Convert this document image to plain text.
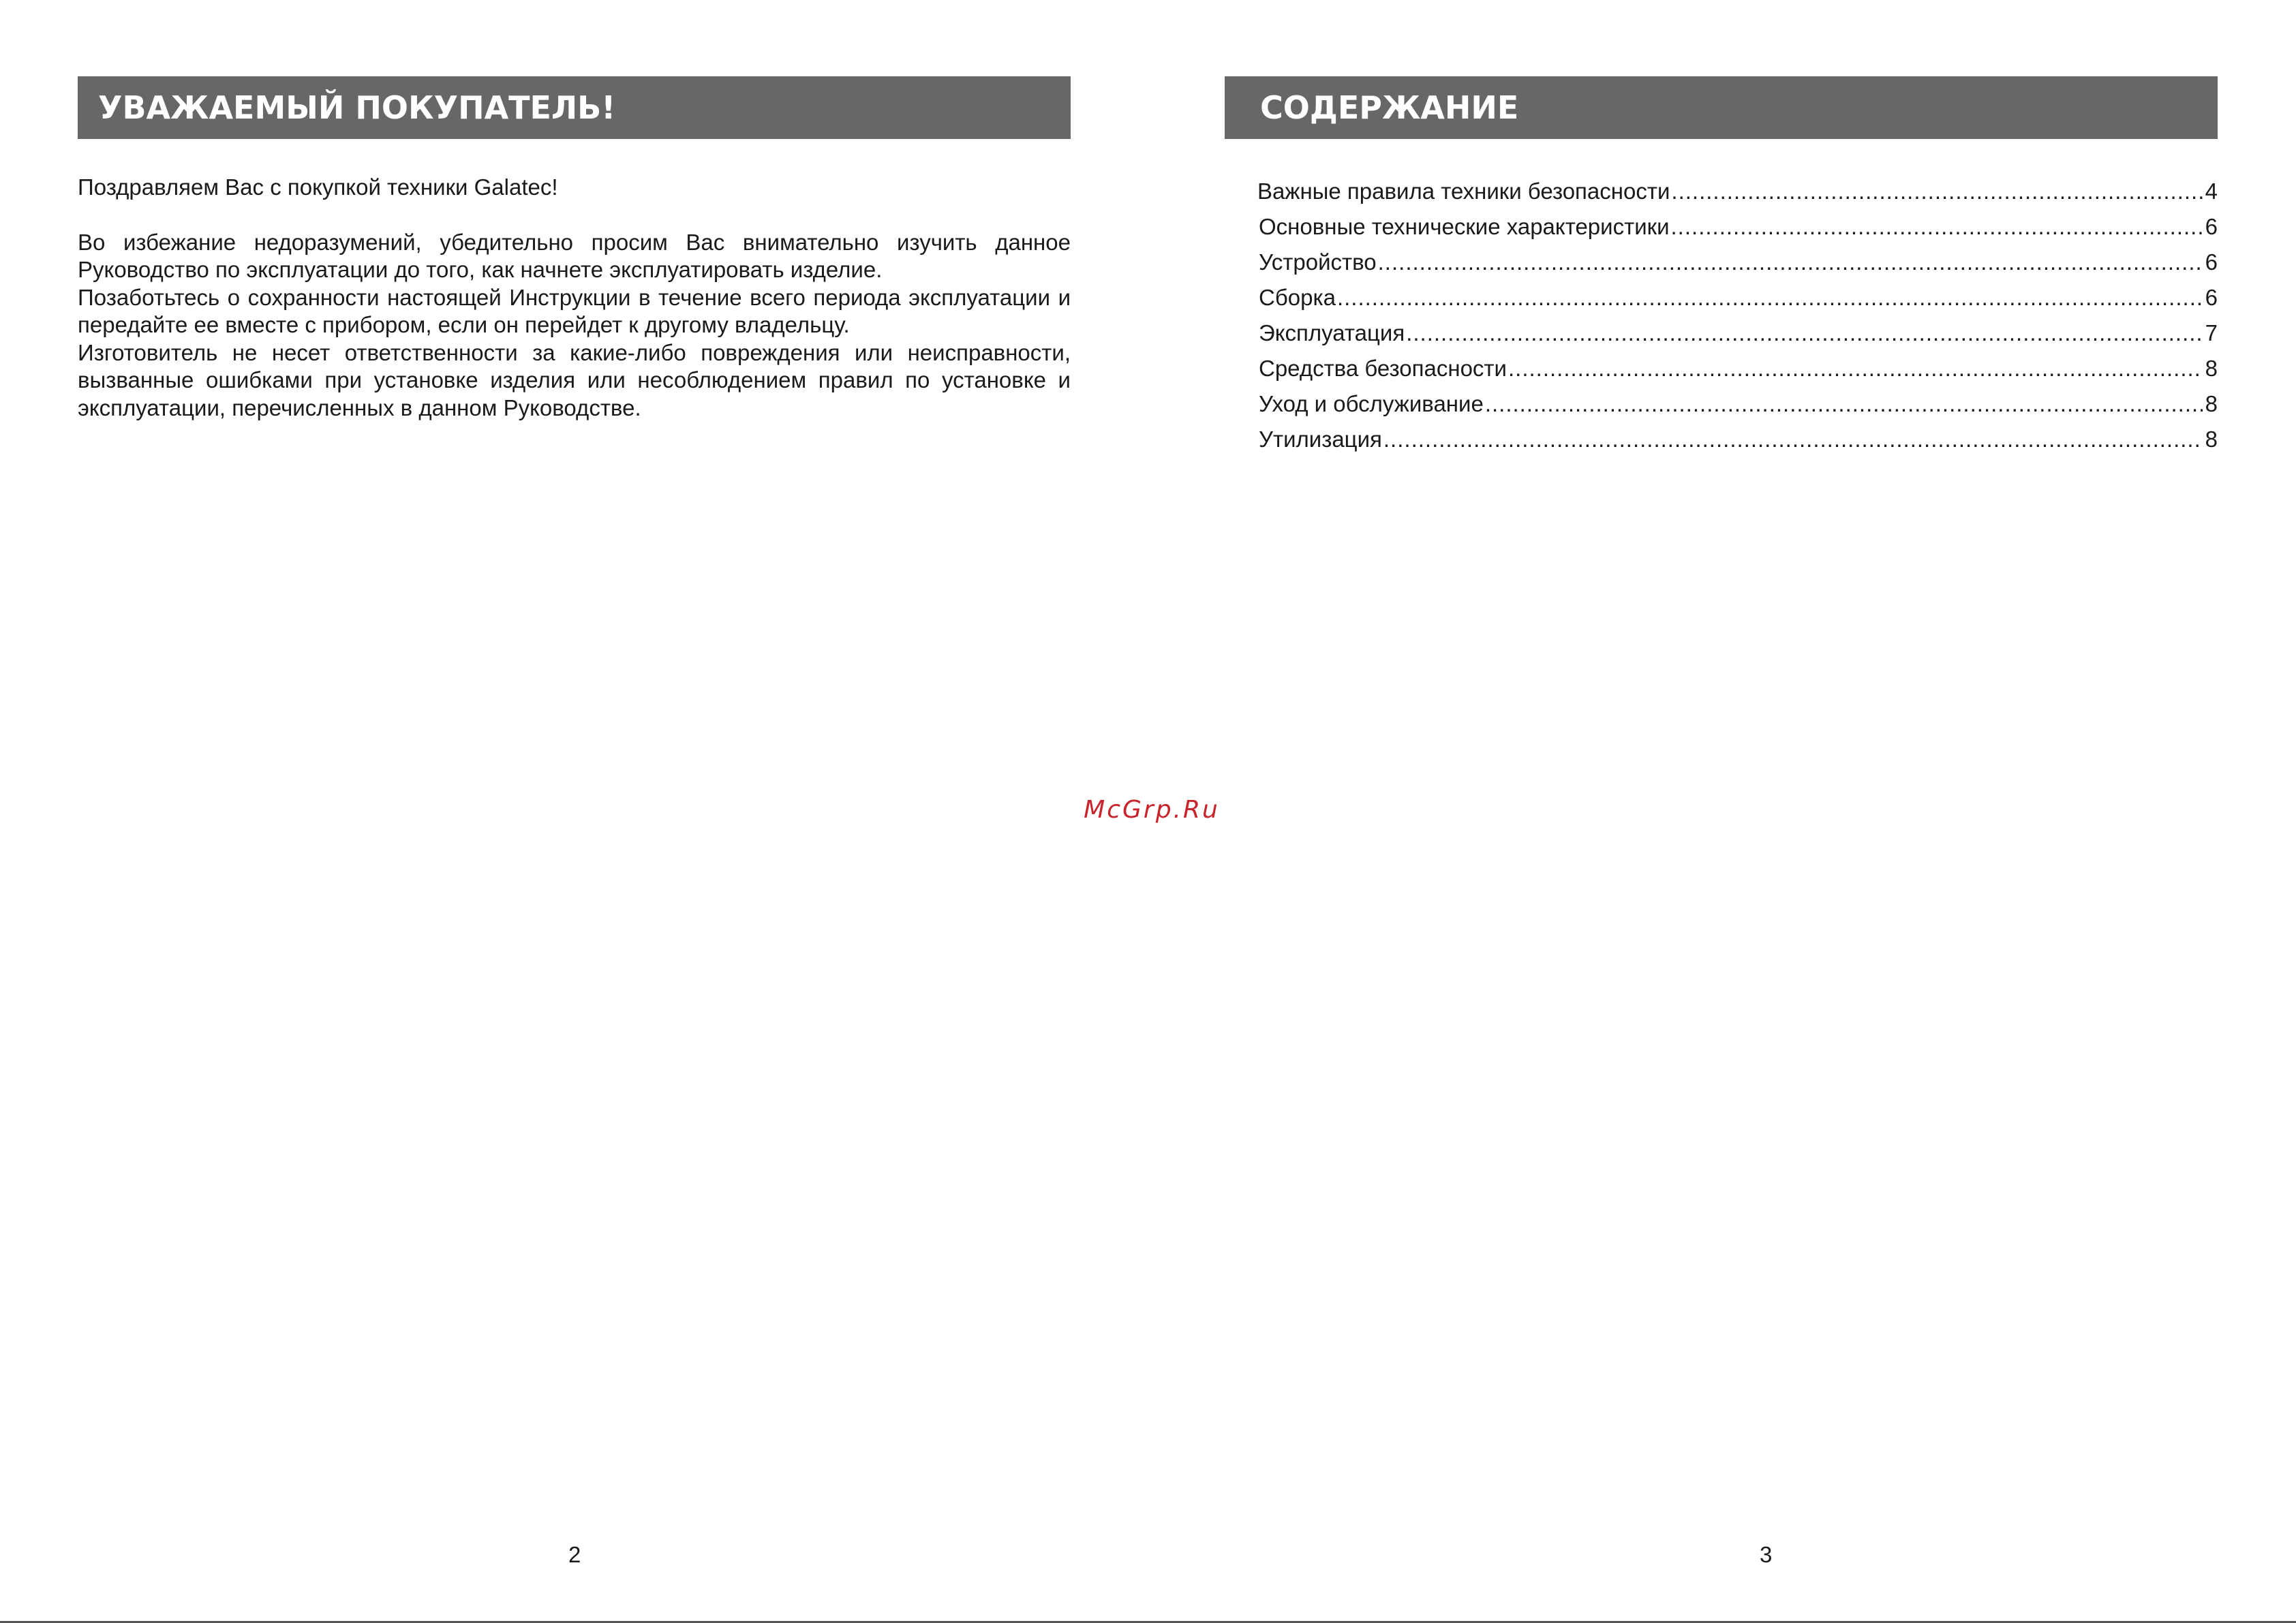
УВАЖАЕМЫЙ ПОКУПАТЕЛЬ!

Поздравляем Вас с покупкой техники Galatec!

Во избежание недоразумений, убедительно просим Вас внимательно изучить данное Руководство по эксплуатации до того, как начнете эксплуатировать изделие.

Позаботьтесь о сохранности настоящей Инструкции в течение всего периода эксплуатации и передайте ее вместе с прибором, если он перейдет к другому владельцу.

Изготовитель не несет ответственности за какие-либо повреждения или неисправности, вызванные ошибками при установке изделия или несоблюдением правил по установке и эксплуатации, перечисленных в данном Руководстве.

2
СОДЕРЖАНИЕ
Важные правила техники безопасности .....	4
Основные технические характеристики .....	6
Устройство .....	6
Сборка .....	6
Эксплуатация .....	7
Средства безопасности .....	8
Уход и обслуживание .....	8
Утилизация .....	8
3
McGrp.Ru
